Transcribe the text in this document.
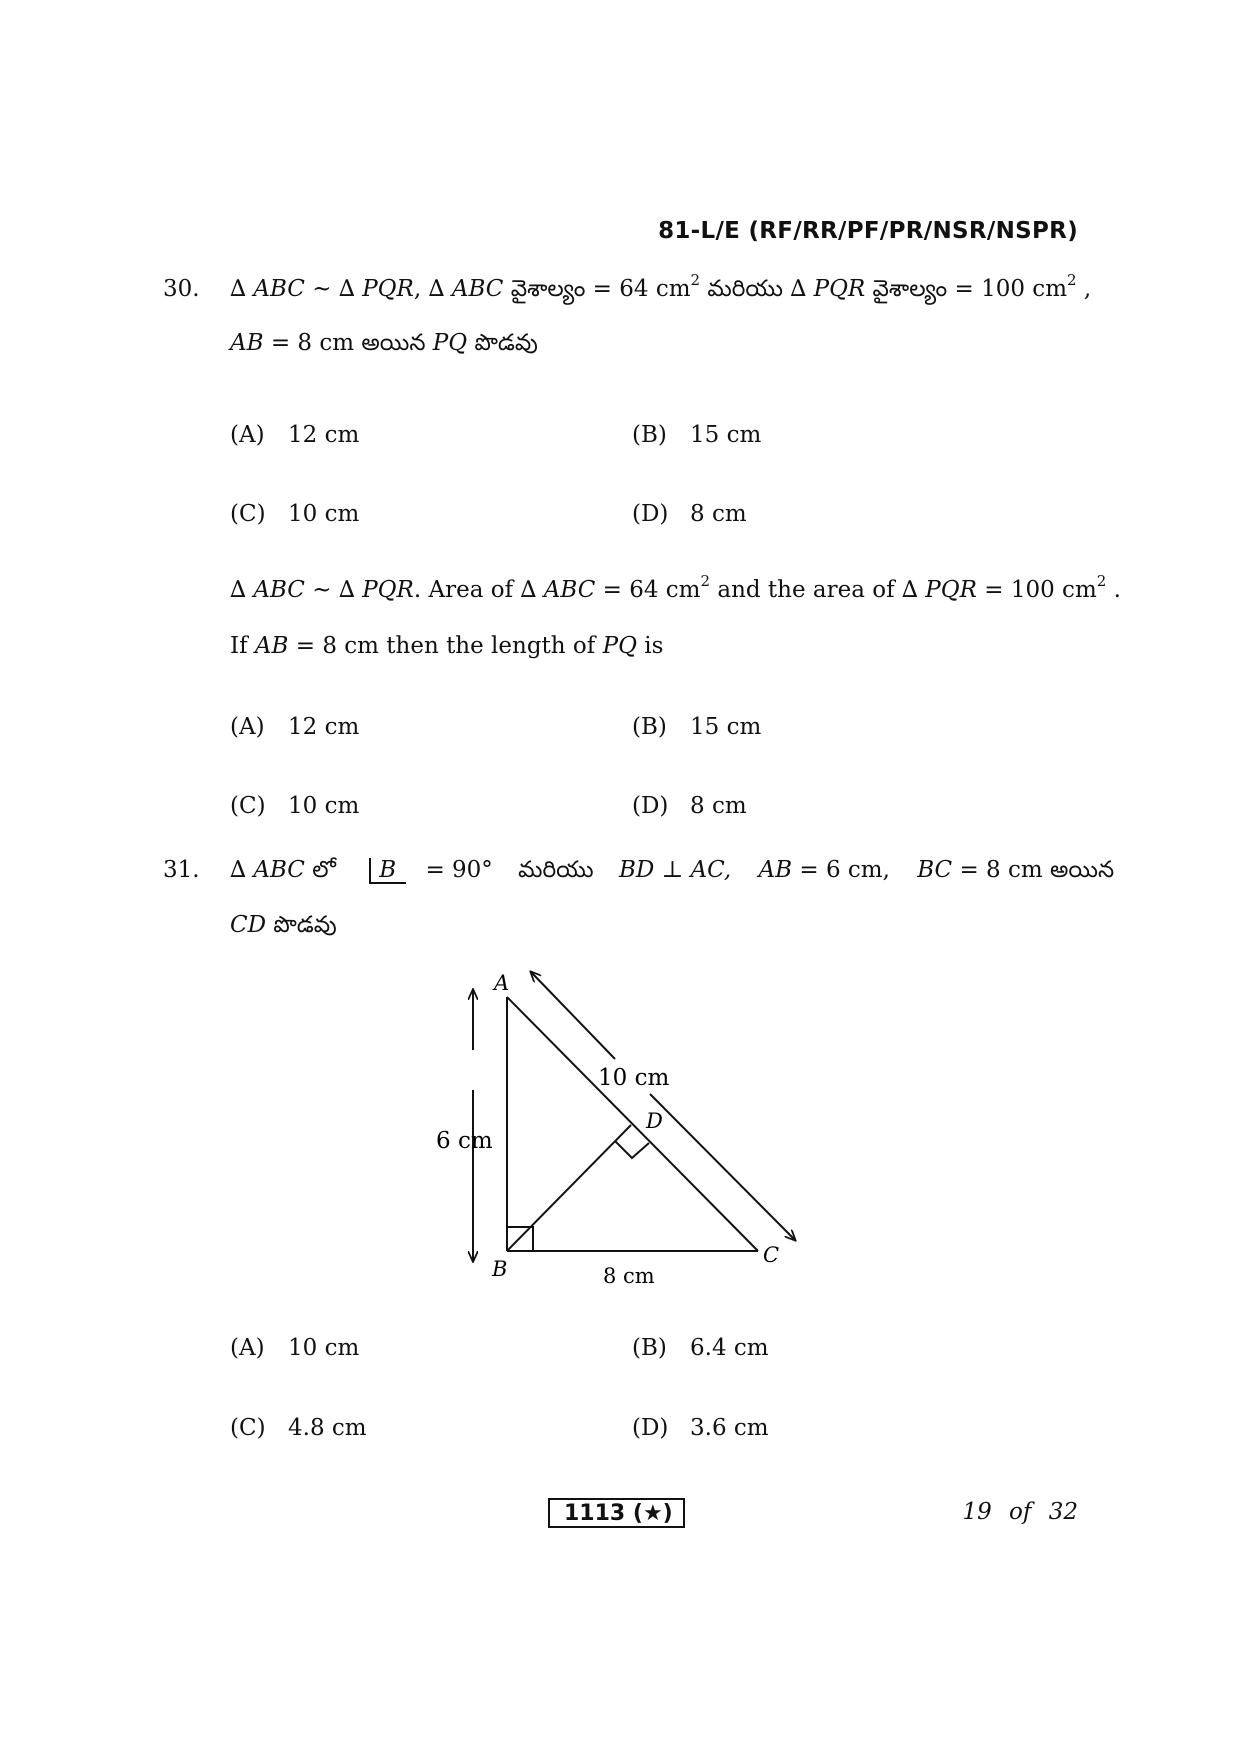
81-L/E (RF/RR/PF/PR/NSR/NSPR)
30. ∆ ABC ~ ∆ PQR, ∆ ABC వైశాల్యం = 64 $cm^2$ మరియు ∆ PQR వైశాల్యం = 100 $cm^2$ ,
AB = 8 cm అయిన PQ పొడవు
(A) 12 cm	(B) 15 cm
(C) 10 cm	(D) 8 cm
∆ ABC ~ ∆ PQR. Area of ∆ ABC = 64 $cm^2$ and the area of ∆ PQR = 100 $cm^2$ .
If AB = 8 cm then the length of PQ is
(A) 12 cm	(B) 15 cm
(C) 10 cm	(D) 8 cm
31. ∆ ABC లో B = 90° మరియు BD ⊥ AC, AB = 6 cm, BC = 8 cm అయిన
CD పొడవు
A
B
C
D
10 cm
6 cm
8 cm
(A) 10 cm	(B) 6.4 cm
(C) 4.8 cm	(D) 3.6 cm
1113 (★)	19 of 32
